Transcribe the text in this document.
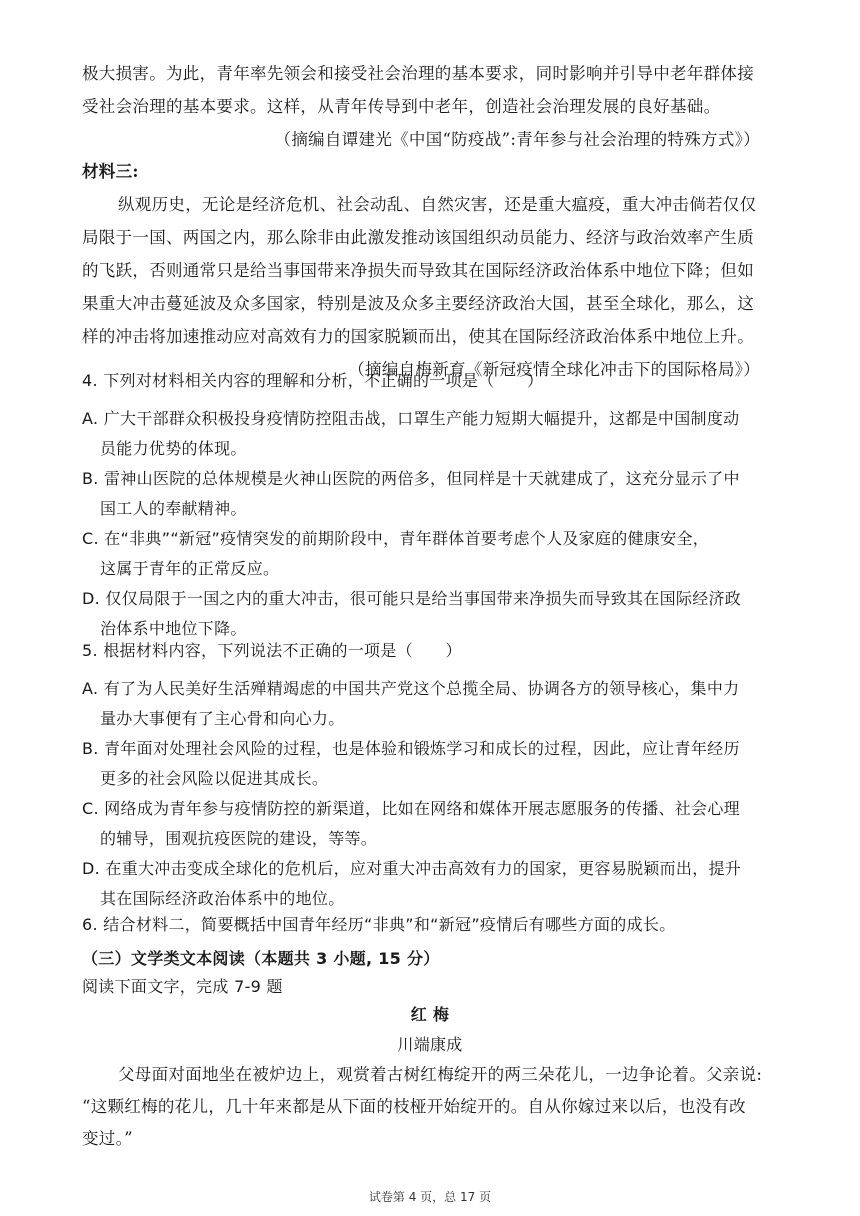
极大损害。为此，青年率先领会和接受社会治理的基本要求，同时影响并引导中老年群体接
受社会治理的基本要求。这样，从青年传导到中老年，创造社会治理发展的良好基础。
（摘编自谭建光《中国“防疫战”:青年参与社会治理的特殊方式》）
材料三:
纵观历史，无论是经济危机、社会动乱、自然灾害，还是重大瘟疫，重大冲击倘若仅仅
局限于一国、两国之内，那么除非由此激发推动该国组织动员能力、经济与政治效率产生质
的飞跃，否则通常只是给当事国带来净损失而导致其在国际经济政治体系中地位下降；但如
果重大冲击蔓延波及众多国家，特别是波及众多主要经济政治大国，甚至全球化，那么，这
样的冲击将加速推动应对高效有力的国家脱颖而出，使其在国际经济政治体系中地位上升。
（摘编自梅新育《新冠疫情全球化冲击下的国际格局》）
4. 下列对材料相关内容的理解和分析，不正确的一项是（　　）
A. 广大干部群众积极投身疫情防控阻击战，口罩生产能力短期大幅提升，这都是中国制度动
员能力优势的体现。
B. 雷神山医院的总体规模是火神山医院的两倍多，但同样是十天就建成了，这充分显示了中
国工人的奉献精神。
C. 在“非典”“新冠”疫情突发的前期阶段中，青年群体首要考虑个人及家庭的健康安全，
这属于青年的正常反应。
D. 仅仅局限于一国之内的重大冲击，很可能只是给当事国带来净损失而导致其在国际经济政
治体系中地位下降。
5. 根据材料内容，下列说法不正确的一项是（　　）
A. 有了为人民美好生活殚精竭虑的中国共产党这个总揽全局、协调各方的领导核心，集中力
量办大事便有了主心骨和向心力。
B. 青年面对处理社会风险的过程，也是体验和锻炼学习和成长的过程，因此，应让青年经历
更多的社会风险以促进其成长。
C. 网络成为青年参与疫情防控的新渠道，比如在网络和媒体开展志愿服务的传播、社会心理
的辅导，围观抗疫医院的建设，等等。
D. 在重大冲击变成全球化的危机后，应对重大冲击高效有力的国家，更容易脱颖而出，提升
其在国际经济政治体系中的地位。
6. 结合材料二，简要概括中国青年经历“非典”和“新冠”疫情后有哪些方面的成长。
（三）文学类文本阅读（本题共 3 小题, 15 分）
阅读下面文字，完成 7-9 题
红 梅
川端康成
父母面对面地坐在被炉边上，观赏着古树红梅绽开的两三朵花儿，一边争论着。父亲说:
“这颗红梅的花儿，几十年来都是从下面的枝桠开始绽开的。自从你嫁过来以后，也没有改
试卷第 4 页，总 17 页
变过。”
